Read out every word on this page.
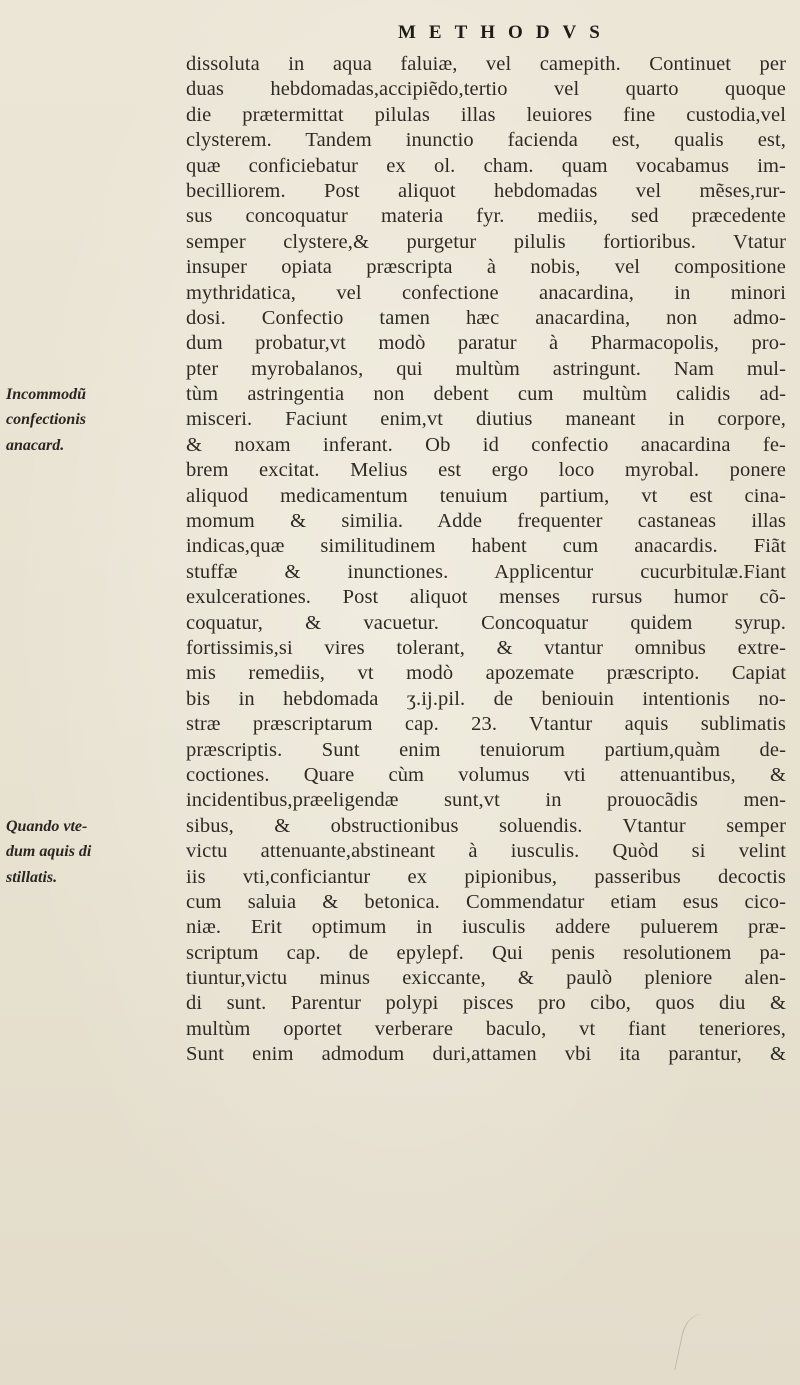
METHODVS
Incommodũ
confectionis
anacard.
Quando vte-
dum aquis di
stillatis.
dissoluta in aqua faluiæ, vel camepith. Continuet per
duas hebdomadas,accipiẽdo,tertio vel quarto quoque
die prætermittat pilulas illas leuiores fine custodia,vel
clysterem. Tandem inunctio facienda est, qualis est,
quæ conficiebatur ex ol. cham. quam vocabamus im-
becilliorem. Post aliquot hebdomadas vel mẽses,rur-
sus concoquatur materia fyr. mediis, sed præcedente
semper clystere,& purgetur pilulis fortioribus. Vtatur
insuper opiata præscripta à nobis, vel compositione
mythridatica, vel confectione anacardina, in minori
dosi. Confectio tamen hæc anacardina, non admo-
dum probatur,vt modò paratur à Pharmacopolis, pro-
pter myrobalanos, qui multùm astringunt. Nam mul-
tùm astringentia non debent cum multùm calidis ad-
misceri. Faciunt enim,vt diutius maneant in corpore,
& noxam inferant. Ob id confectio anacardina fe-
brem excitat. Melius est ergo loco myrobal. ponere
aliquod medicamentum tenuium partium, vt est cina-
momum & similia. Adde frequenter castaneas illas
indicas,quæ similitudinem habent cum anacardis. Fiãt
stuffæ & inunctiones. Applicentur cucurbitulæ.Fiant
exulcerationes. Post aliquot menses rursus humor cõ-
coquatur, & vacuetur. Concoquatur quidem syrup.
fortissimis,si vires tolerant, & vtantur omnibus extre-
mis remediis, vt modò apozemate præscripto. Capiat
bis in hebdomada ʒ.ij.pil. de beniouin intentionis no-
stræ præscriptarum cap. 23. Vtantur aquis sublimatis
præscriptis. Sunt enim tenuiorum partium,quàm de-
coctiones. Quare cùm volumus vti attenuantibus, &
incidentibus,præeligendæ sunt,vt in prouocãdis men-
sibus, & obstructionibus soluendis. Vtantur semper
victu attenuante,abstineant à iusculis. Quòd si velint
iis vti,conficiantur ex pipionibus, passeribus decoctis
cum saluia & betonica. Commendatur etiam esus cico-
niæ. Erit optimum in iusculis addere puluerem præ-
scriptum cap. de epylepf. Qui penis resolutionem pa-
tiuntur,victu minus exiccante, & paulò pleniore alen-
di sunt. Parentur polypi pisces pro cibo, quos diu &
multùm oportet verberare baculo, vt fiant teneriores,
Sunt enim admodum duri,attamen vbi ita parantur, &
